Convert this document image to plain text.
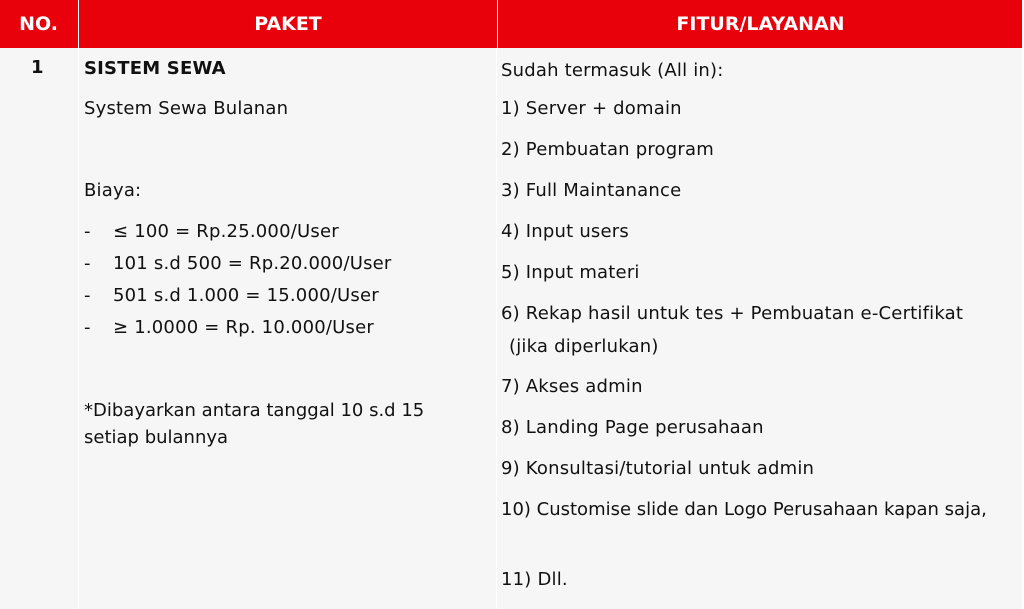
NO.	PAKET	FITUR/LAYANAN
1 SISTEM SEWA
System Sewa Bulanan
Biaya:
- ≤ 100 = Rp.25.000/User
- 101 s.d 500 = Rp.20.000/User
- 501 s.d 1.000 = 15.000/User
- ≥ 1.0000 = Rp. 10.000/User
*Dibayarkan antara tanggal 10 s.d 15 setiap bulannya
Sudah termasuk (All in):
1) Server + domain
2) Pembuatan program
3) Full Maintanance
4) Input users
5) Input materi
6) Rekap hasil untuk tes + Pembuatan e-Certifikat
(jika diperlukan)
7) Akses admin
8) Landing Page perusahaan
9) Konsultasi/tutorial untuk admin
10) Customise slide dan Logo Perusahaan kapan saja,
11) Dll.
